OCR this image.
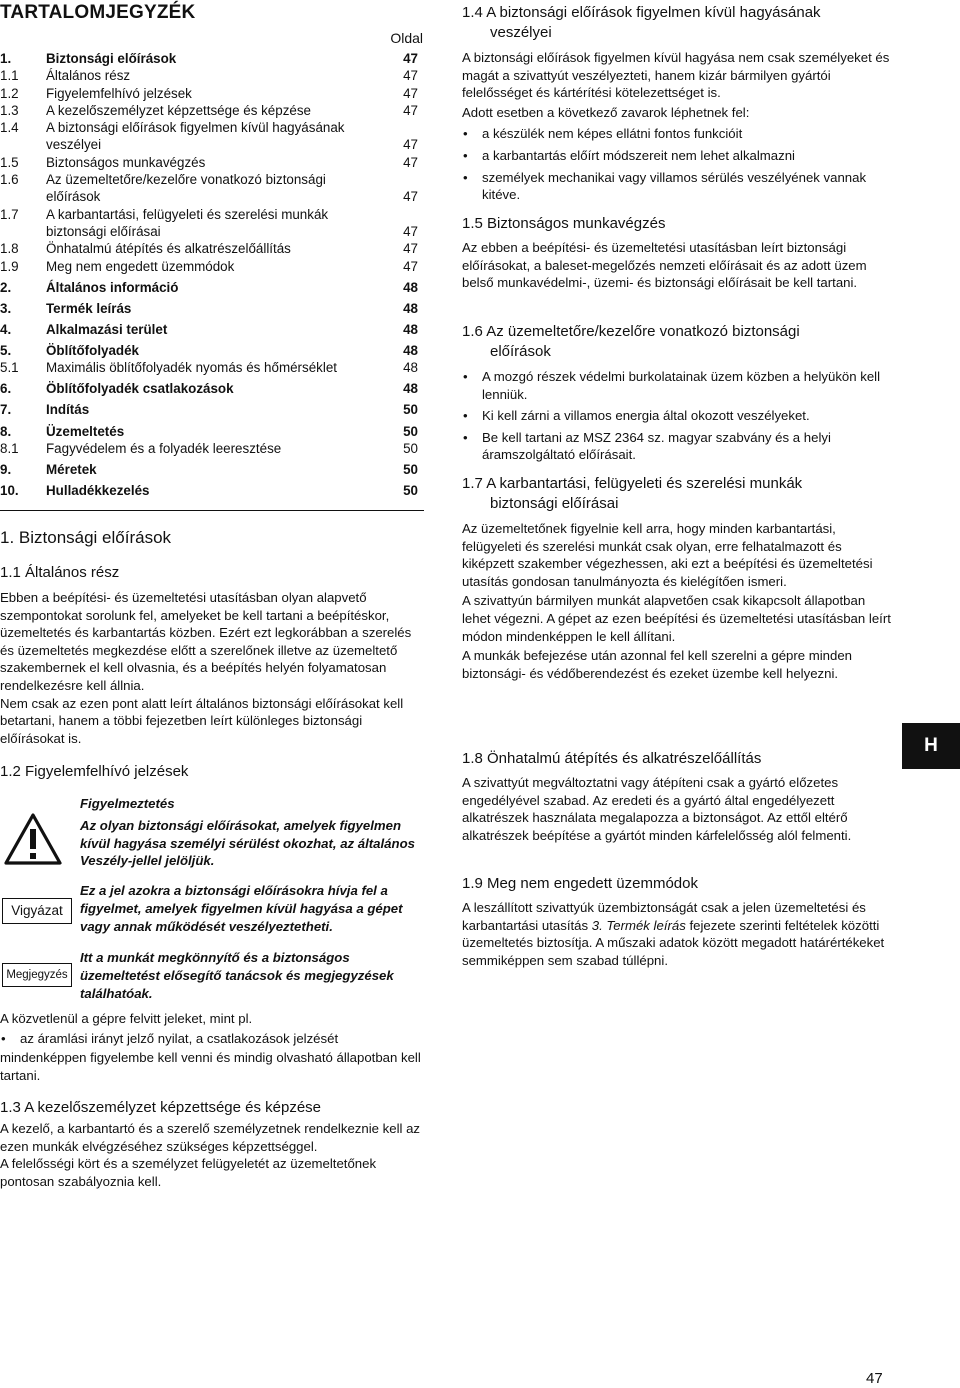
TARTALOMJEGYZÉK
Oldal
1.	Biztonsági előírások	47
1.1 Általános rész	47
1.2 Figyelemfelhívó jelzések	47
1.3 A kezelőszemélyzet képzettsége és képzése	47
1.4 A biztonsági előírások figyelmen kívül hagyásának veszélyei	47
1.5 Biztonságos munkavégzés	47
1.6 Az üzemeltetőre/kezelőre vonatkozó biztonsági előírások	47
1.7 A karbantartási, felügyeleti és szerelési munkák biztonsági előírásai	47
1.8 Önhatalmú átépítés és alkatrészelőállítás	47
1.9 Meg nem engedett üzemmódok	47
2.	Általános információ	48
3.	Termék leírás	48
4.	Alkalmazási terület	48
5.	Öblítőfolyadék	48
5.1 Maximális öblítőfolyadék nyomás és hőmérséklet	48
6.	Öblítőfolyadék csatlakozások	48
7.	Indítás	50
8.	Üzemeltetés	50
8.1 Fagyvédelem és a folyadék leeresztése	50
9.	Méretek	50
10. Hulladékkezelés	50
1. Biztonsági előírások
1.1 Általános rész

Ebben a beépítési- és üzemeltetési utasításban olyan alapvető szempontokat sorolunk fel, amelyeket be kell tartani a beépítéskor, üzemeltetés és karbantartás közben. Ezért ezt legkorábban a szerelés és üzemeltetés megkezdése előtt a szerelőnek illetve az üzemeltető szakembernek el kell olvasnia, és a beépítés helyén folyamatosan rendelkezésre kell állnia.

Nem csak az ezen pont alatt leírt általános biztonsági előírásokat kell betartani, hanem a többi fejezetben leírt különleges biztonsági előírásokat is.

1.2 Figyelemfelhívó jelzések
Figyelmeztetés
Az olyan biztonsági előírásokat, amelyek figyelmen kívül hagyása személyi sérülést okozhat, az általános Veszély-jellel jelöljük.
Vigyázat
Ez a jel azokra a biztonsági előírásokra hívja fel a figyelmet, amelyek figyelmen kívül hagyása a gépet vagy annak működését veszélyeztetheti.
Megjegyzés
Itt a munkát megkönnyítő és a biztonságos üzemeltetést elősegítő tanácsok és megjegyzések találhatóak.

A közvetlenül a gépre felvitt jeleket, mint pl.

• az áramlási irányt jelző nyilat, a csatlakozások jelzését

mindenképpen figyelembe kell venni és mindig olvasható állapotban kell tartani.

1.3 A kezelőszemélyzet képzettsége és képzése

A kezelő, a karbantartó és a szerelő személyzetnek rendelkeznie kell az ezen munkák elvégzéséhez szükséges képzettséggel.

A felelősségi kört és a személyzet felügyeletét az üzemeltetőnek pontosan szabályoznia kell.

1.4 A biztonsági előírások figyelmen kívül hagyásának
veszélyei

A biztonsági előírások figyelmen kívül hagyása nem csak személyeket és magát a szivattyút veszélyezteti, hanem kizár bármilyen gyártói felelősséget és kártérítési kötelezettséget is.

Adott esetben a következő zavarok léphetnek fel:

• a készülék nem képes ellátni fontos funkcióit
• a karbantartás előírt módszereit nem lehet alkalmazni
• személyek mechanikai vagy villamos sérülés veszélyének vannak kitéve.
1.5 Biztonságos munkavégzés

Az ebben a beépítési- és üzemeltetési utasításban leírt biztonsági előírásokat, a baleset-megelőzés nemzeti előírásait és az adott üzem belső munkavédelmi-, üzemi- és biztonsági előírásait be kell tartani.

1.6 Az üzemeltetőre/kezelőre vonatkozó biztonsági
előírások
• A mozgó részek védelmi burkolatainak üzem közben a helyükön kell lenniük.
• Ki kell zárni a villamos energia által okozott veszélyeket.
• Be kell tartani az MSZ 2364 sz. magyar szabvány és a helyi áramszolgáltató előírásait.
1.7 A karbantartási, felügyeleti és szerelési munkák
biztonsági előírásai

Az üzemeltetőnek figyelnie kell arra, hogy minden karbantartási, felügyeleti és szerelési munkát csak olyan, erre felhatalmazott és kiképzett szakember végezhessen, aki ezt a beépítési és üzemeltetési utasítás gondosan tanulmányozta és kielégítően ismeri.

A szivattyún bármilyen munkát alapvetően csak kikapcsolt állapotban lehet végezni. A gépet az ezen beépítési és üzemeltetési utasításban leírt módon mindenképpen le kell állítani.

A munkák befejezése után azonnal fel kell szerelni a gépre minden biztonsági- és védőberendezést és ezeket üzembe kell helyezni.

1.8 Önhatalmú átépítés és alkatrészelőállítás

A szivattyút megváltoztatni vagy átépíteni csak a gyártó előzetes engedélyével szabad. Az eredeti és a gyártó által engedélyezett alkatrészek használata megalapozza a biztonságot. Az ettől eltérő alkatrészek beépítése a gyártót minden kárfelelősség alól felmenti.

1.9 Meg nem engedett üzemmódok

A leszállított szivattyúk üzembiztonságát csak a jelen üzemeltetési és karbantartási utasítás 3. Termék leírás fejezete szerinti feltételek közötti üzemeltetés biztosítja. A műszaki adatok között megadott határértékeket semmiképpen sem szabad túllépni.

H
47
